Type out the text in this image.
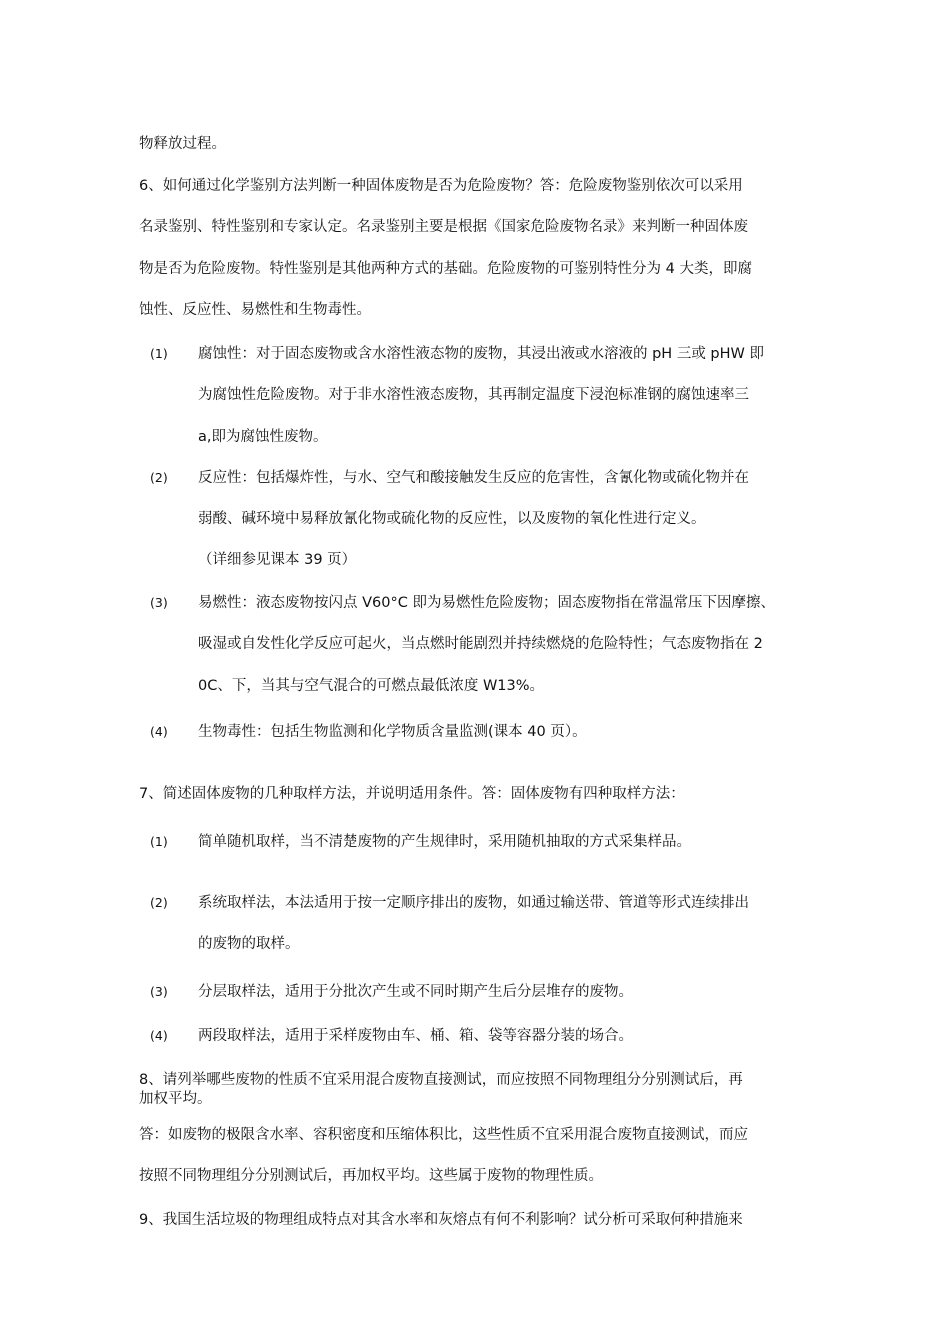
物释放过程。
6、如何通过化学鉴别方法判断一种固体废物是否为危险废物？答：危险废物鉴别依次可以采用
名录鉴别、特性鉴别和专家认定。名录鉴别主要是根据《国家危险废物名录》来判断一种固体废
物是否为危险废物。特性鉴别是其他两种方式的基础。危险废物的可鉴别特性分为 4 大类，即腐
蚀性、反应性、易燃性和生物毒性。
(1) 腐蚀性：对于固态废物或含水溶性液态物的废物，其浸出液或水溶液的 pH 三或 pHW 即
为腐蚀性危险废物。对于非水溶性液态废物，其再制定温度下浸泡标准钢的腐蚀速率三
a,即为腐蚀性废物。
(2) 反应性：包括爆炸性，与水、空气和酸接触发生反应的危害性，含氰化物或硫化物并在
弱酸、碱环境中易释放氰化物或硫化物的反应性，以及废物的氧化性进行定义。
（详细参见课本 39 页）
(3) 易燃性：液态废物按闪点 V60°C 即为易燃性危险废物；固态废物指在常温常压下因摩擦、
吸湿或自发性化学反应可起火，当点燃时能剧烈并持续燃烧的危险特性；气态废物指在 2
0C、下，当其与空气混合的可燃点最低浓度 W13%。
(4) 生物毒性：包括生物监测和化学物质含量监测(课本 40 页）。
7、简述固体废物的几种取样方法，并说明适用条件。答：固体废物有四种取样方法：
(1) 简单随机取样，当不清楚废物的产生规律时，采用随机抽取的方式采集样品。
(2) 系统取样法，本法适用于按一定顺序排出的废物，如通过输送带、管道等形式连续排出
的废物的取样。
(3) 分层取样法，适用于分批次产生或不同时期产生后分层堆存的废物。
(4) 两段取样法，适用于采样废物由车、桶、箱、袋等容器分装的场合。
8、请列举哪些废物的性质不宜采用混合废物直接测试，而应按照不同物理组分分别测试后，再
加权平均。
答：如废物的极限含水率、容积密度和压缩体积比，这些性质不宜采用混合废物直接测试，而应
按照不同物理组分分别测试后，再加权平均。这些属于废物的物理性质。
9、我国生活垃圾的物理组成特点对其含水率和灰熔点有何不利影响？试分析可采取何种措施来
